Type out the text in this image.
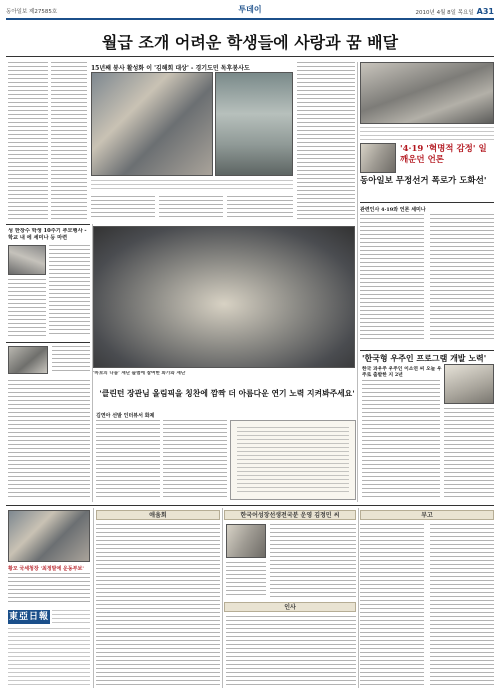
동아일보 제27585호	투데이	2010년 4월 8일 목요일 A31
월급 조개 어려운 학생들에 사랑과 꿈 배달
15년째 봉사 활성화 이 '김해회 대상' - 경기도민 독후봉사도
'4·19 '혁명적 감정' 일깨운던 언론
동아일보 무정선거 폭로가 도화선'
관련인사 4·19와 언론 세미나
성 한장수 학생 10주기 추모행사 - 학교 내 에 세미나 등 마련
'바보의 나눔' 재단 출범에 참여한 화가와 재단
'한국형 우주인 프로그램 개발 노력'
한국 과우주 우주인 이소연 씨 오늘 우주로 출발한 지 2년
'클린턴 장관님 올림픽을 칭찬에 깜짝 더 아름다운 연기 노력 지켜봐주세요'
김연아 선발 인터뷰서 화제
황모 국세청장 '최정말에 운동부보'
東亞日報
애움회	한국어성장선생전국분 운영 김정민 씨
인사
부고
